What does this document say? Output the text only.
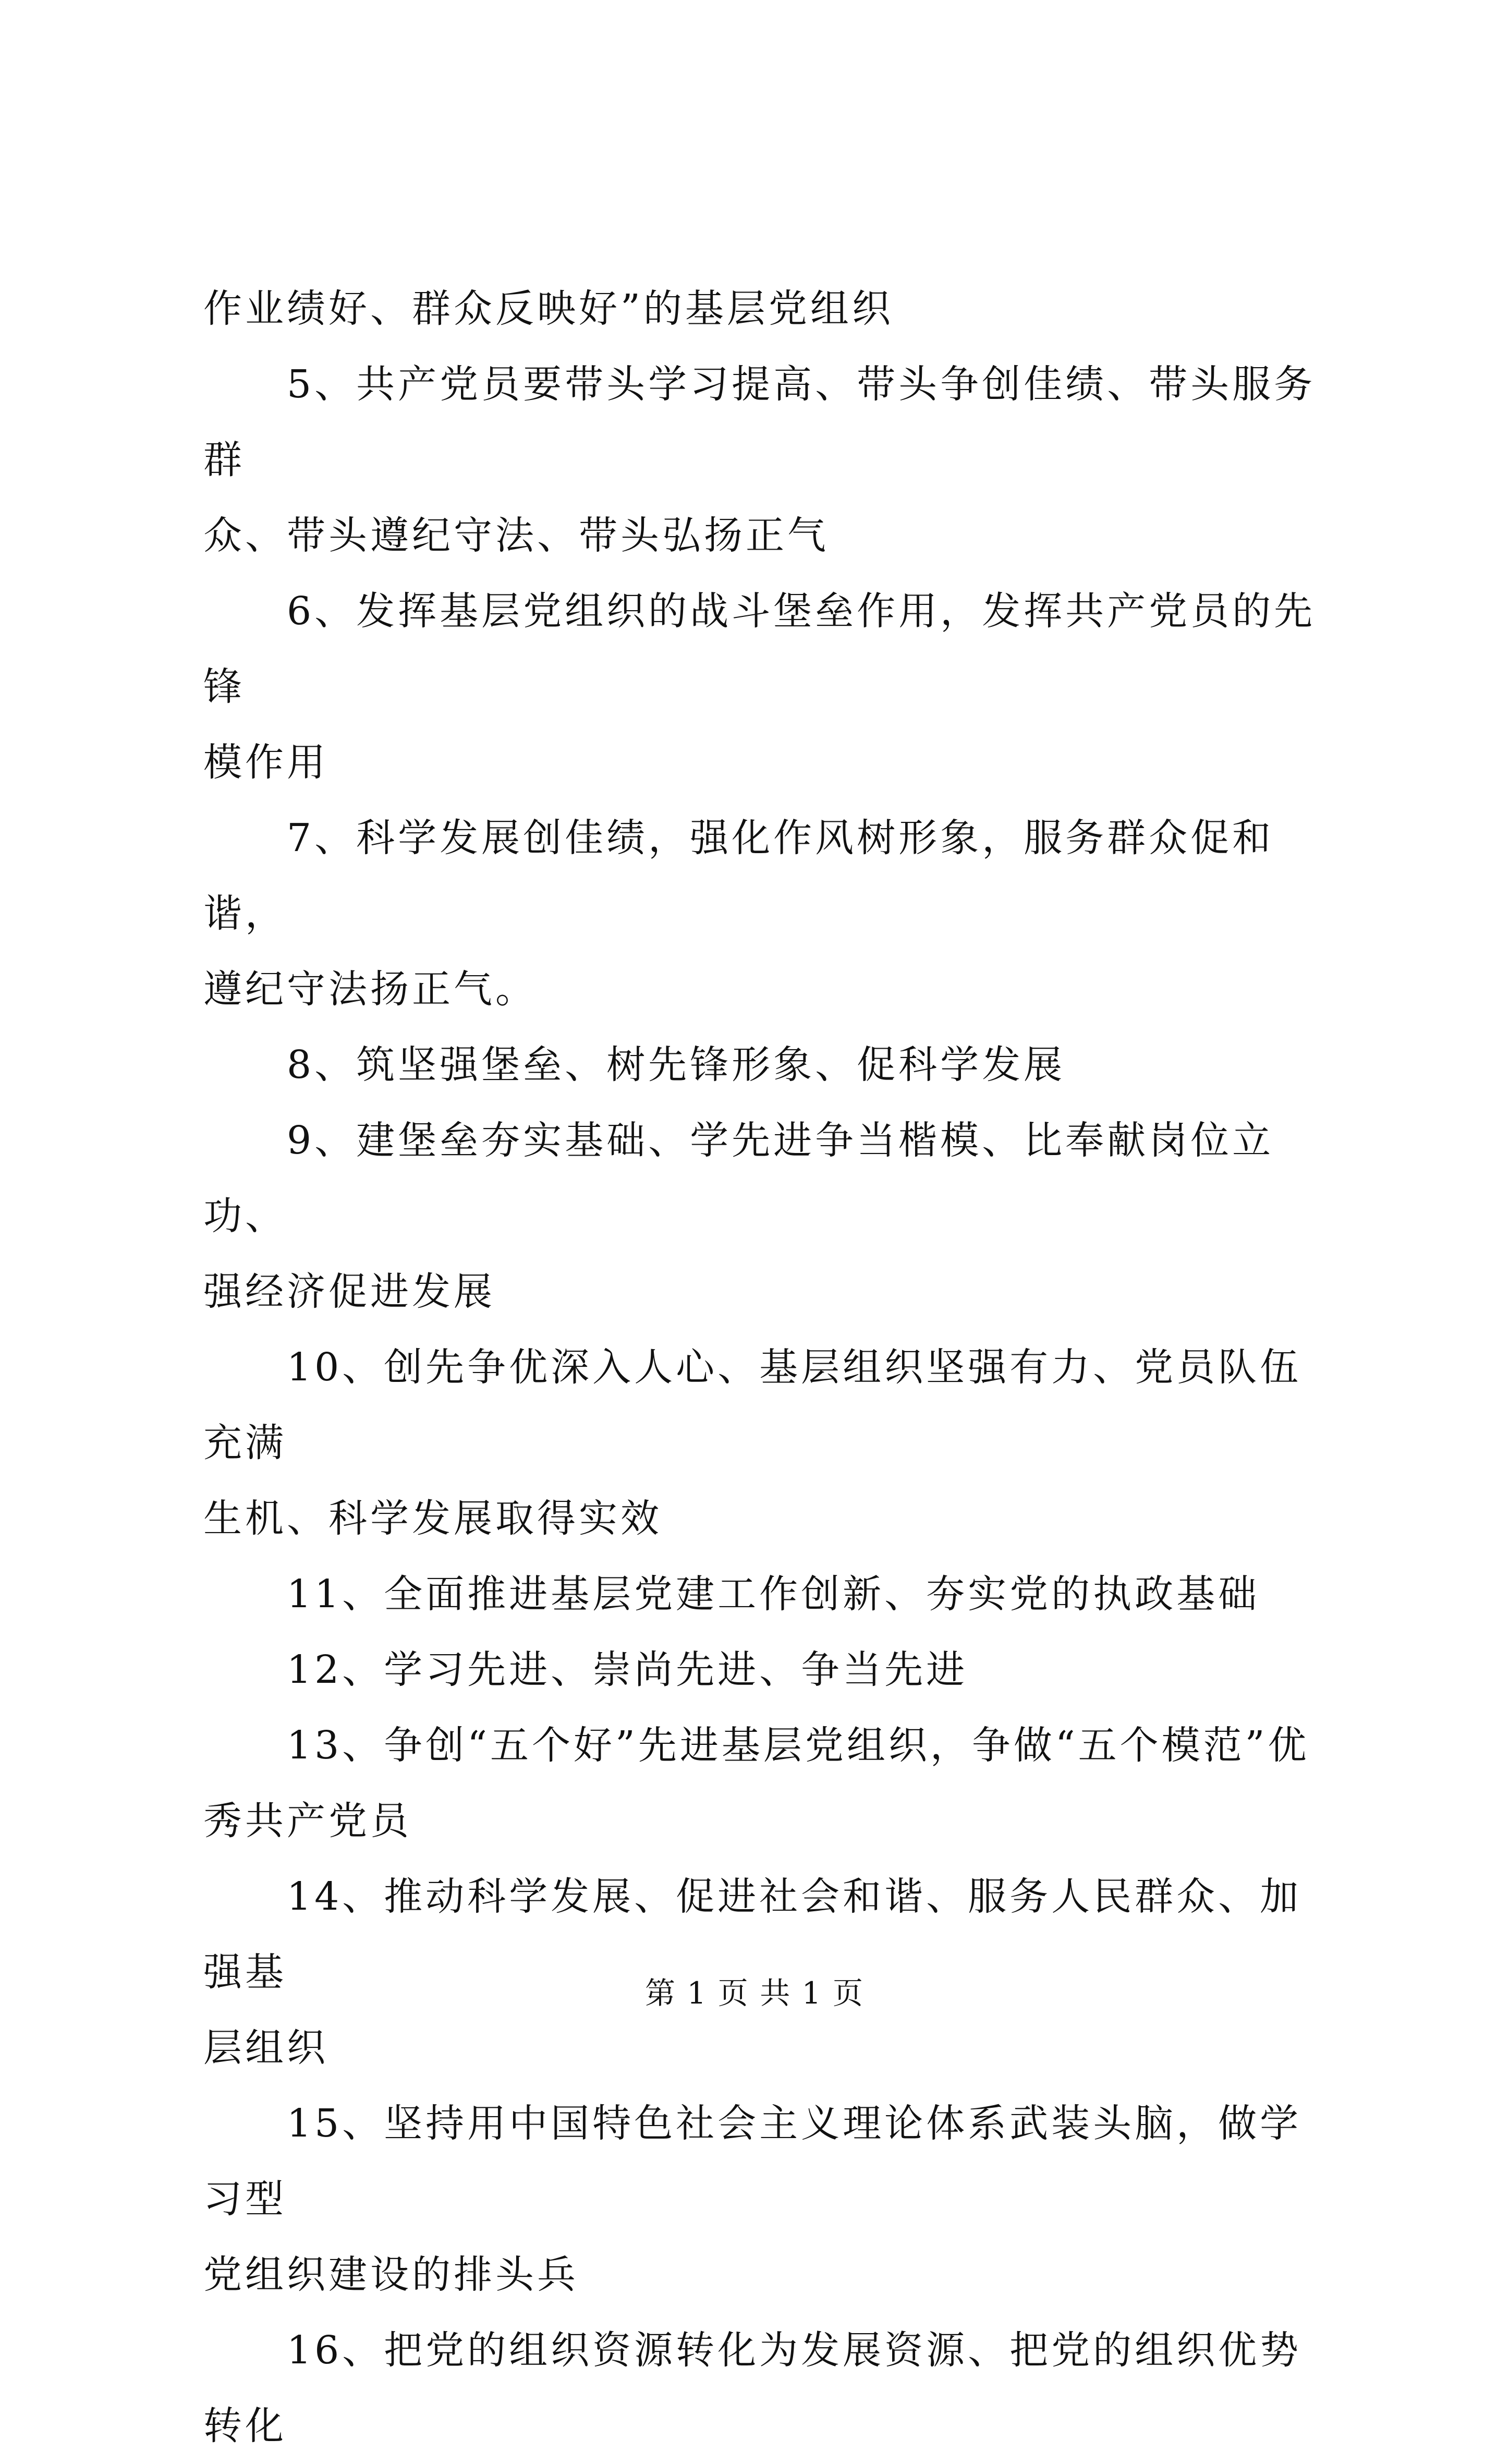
作业绩好、群众反映好”的基层党组织

　　5、共产党员要带头学习提高、带头争创佳绩、带头服务群

众、带头遵纪守法、带头弘扬正气

　　6、发挥基层党组织的战斗堡垒作用，发挥共产党员的先锋

模作用

　　7、科学发展创佳绩，强化作风树形象，服务群众促和谐，

遵纪守法扬正气。

　　8、筑坚强堡垒、树先锋形象、促科学发展

　　9、建堡垒夯实基础、学先进争当楷模、比奉献岗位立功、

强经济促进发展

　　10、创先争优深入人心、基层组织坚强有力、党员队伍充满

生机、科学发展取得实效

　　11、全面推进基层党建工作创新、夯实党的执政基础

　　12、学习先进、崇尚先进、争当先进

　　13、争创“五个好”先进基层党组织，争做“五个模范”优

秀共产党员

　　14、推动科学发展、促进社会和谐、服务人民群众、加强基

层组织

　　15、坚持用中国特色社会主义理论体系武装头脑，做学习型

党组织建设的排头兵

　　16、把党的组织资源转化为发展资源、把党的组织优势转化

第 1 页 共 1 页
